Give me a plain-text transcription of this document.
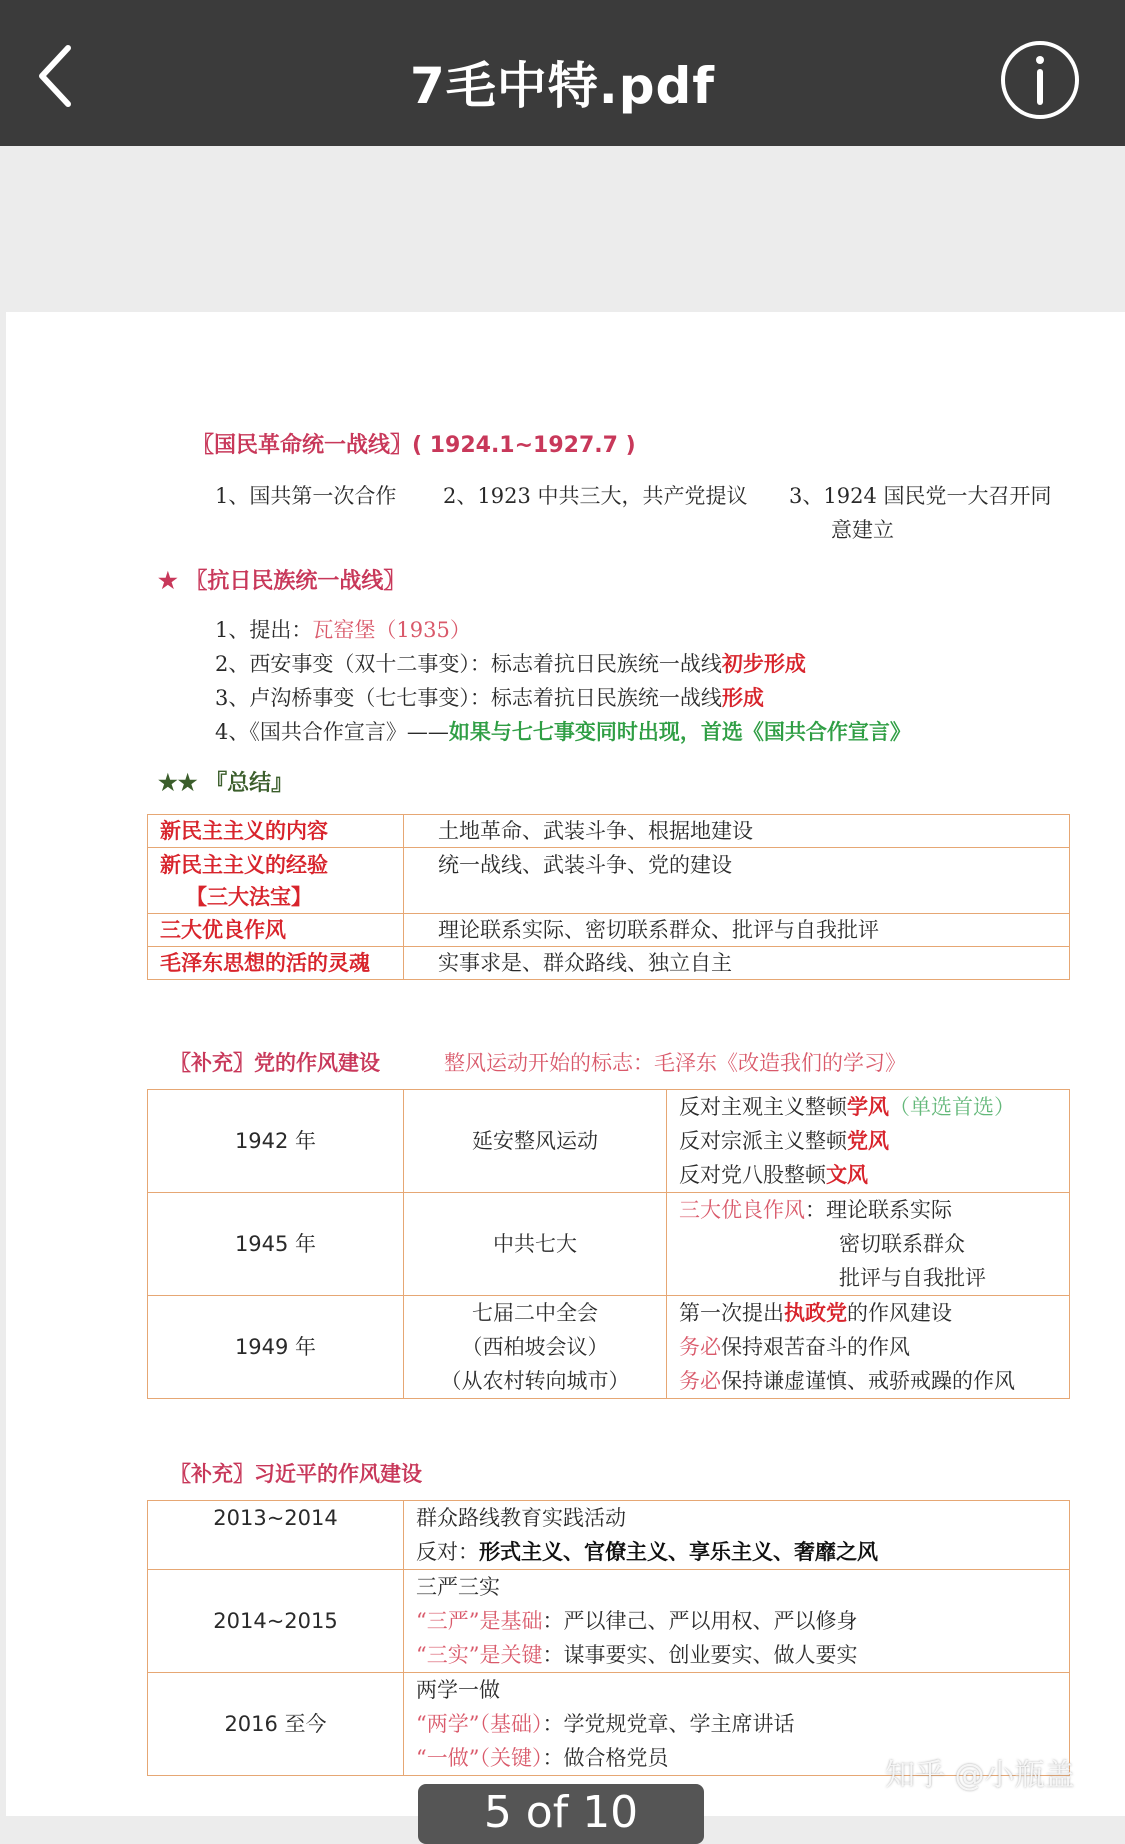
7毛中特.pdf
〖国民革命统一战线〗( 1924.1~1927.7 )
1、国共第一次合作 2、1923 中共三大，共产党提议 3、1924 国民党一大召开同
意建立
★ 〖抗日民族统一战线〗
1、提出：瓦窑堡（1935）
2、西安事变（双十二事变）：标志着抗日民族统一战线初步形成
3、卢沟桥事变（七七事变）：标志着抗日民族统一战线形成
4、《国共合作宣言》——如果与七七事变同时出现，首选《国共合作宣言》
★★ 『总结』
新民主主义的内容	土地革命、武装斗争、根据地建设

新民主主义的经验
【三大法宝】	统一战线、武装斗争、党的建设
三大优良作风	理论联系实际、密切联系群众、批评与自我批评
毛泽东思想的活的灵魂	实事求是、群众路线、独立自主
〖补充〗党的作风建设	整风运动开始的标志：毛泽东《改造我们的学习》
1942 年	延安整风运动	反对主观主义整顿学风（单选首选）
反对宗派主义整顿党风
反对党八股整顿文风

1945 年	中共七大	三大优良作风：理论联系实际
密切联系群众
批评与自我批评

1949 年	七届二中全会
（西柏坡会议）
（从农村转向城市）	第一次提出执政党的作风建设
务必保持艰苦奋斗的作风
务必保持谦虚谨慎、戒骄戒躁的作风
〖补充〗习近平的作风建设
2013~2014	群众路线教育实践活动
反对：形式主义、官僚主义、享乐主义、奢靡之风

2014~2015	三严三实
“三严”是基础：严以律己、严以用权、严以修身
“三实”是关键：谋事要实、创业要实、做人要实

2016 至今	两学一做
“两学”（基础）：学党规党章、学主席讲话
“一做”（关键）：做合格党员	知乎 @小瓶盖
5 of 10
